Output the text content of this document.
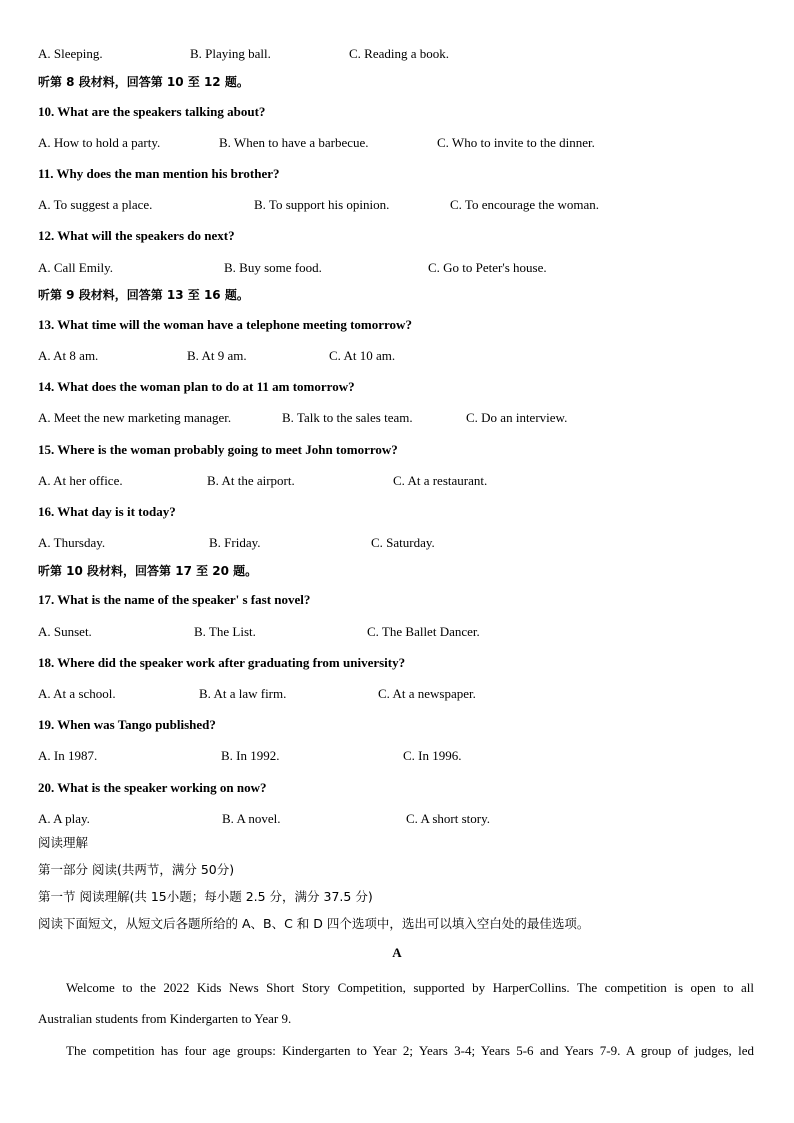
A. Sleeping.	B. Playing ball.	C. Reading a book.
听第 8 段材料，回答第 10 至 12 题。
10. What are the speakers talking about?
A. How to hold a party.	B. When to have a barbecue.	C. Who to invite to the dinner.
11. Why does the man mention his brother?
A. To suggest a place.	B. To support his opinion.	C. To encourage the woman.
12. What will the speakers do next?
A. Call Emily.	B. Buy some food.	C. Go to Peter's house.
听第 9 段材料，回答第 13 至 16 题。
13. What time will the woman have a telephone meeting tomorrow?
A. At 8 am.	B. At 9 am.	C. At 10 am.
14. What does the woman plan to do at 11 am tomorrow?
A. Meet the new marketing manager.	B. Talk to the sales team.	C. Do an interview.
15. Where is the woman probably going to meet John tomorrow?
A. At her office.	B. At the airport.	C. At a restaurant.
16. What day is it today?
A. Thursday.	B. Friday.	C. Saturday.
听第 10 段材料，回答第 17 至 20 题。
17. What is the name of the speaker' s fast novel?
A. Sunset.	B. The List.	C. The Ballet Dancer.
18. Where did the speaker work after graduating from university?
A. At a school.	B. At a law firm.	C. At a newspaper.
19. When was Tango published?
A. In 1987.	B. In 1992.	C. In 1996.
20. What is the speaker working on now?
A. A play.	B. A novel.	C. A short story.
阅读理解
第一部分 阅读(共两节，满分 50分)
第一节 阅读理解(共 15小题；每小题 2.5 分，满分 37.5 分)
阅读下面短文，从短文后各题所给的 A、B、C 和 D 四个选项中，选出可以填入空白处的最佳选项。
A
Welcome to the 2022 Kids News Short Story Competition, supported by HarperCollins. The competition is open to all
Australian students from Kindergarten to Year 9.
The competition has four age groups: Kindergarten to Year 2; Years 3-4; Years 5-6 and Years 7-9. A group of judges, led
